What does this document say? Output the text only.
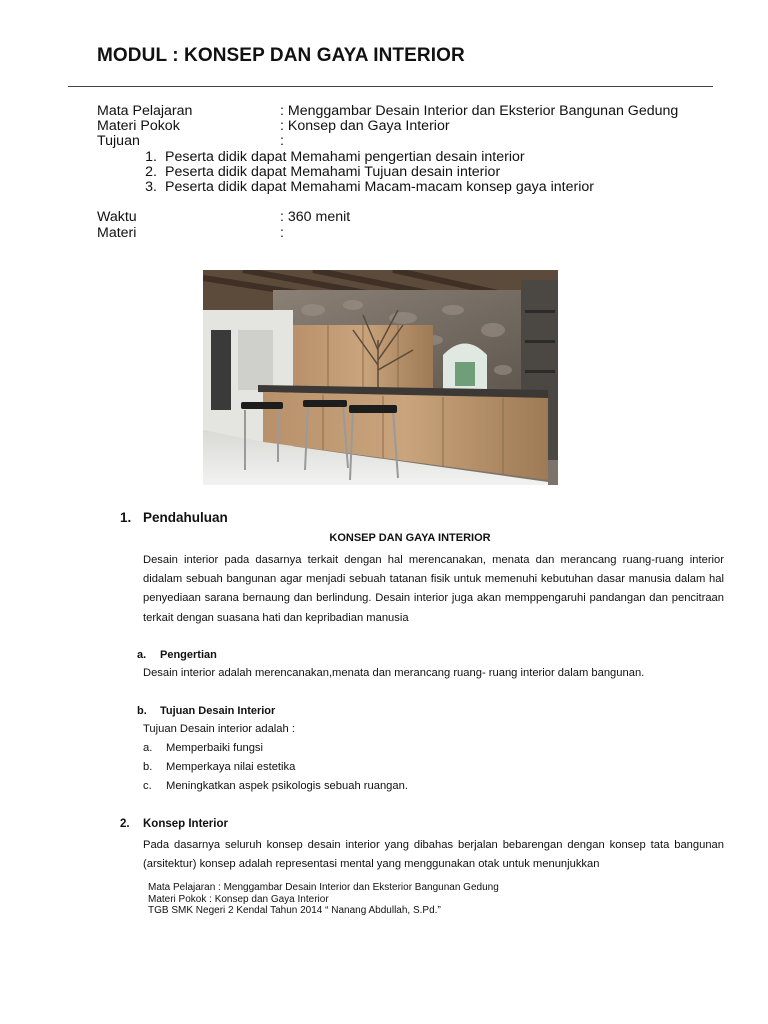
MODUL : KONSEP DAN GAYA INTERIOR
Mata Pelajaran	: Menggambar Desain Interior dan Eksterior Bangunan Gedung
Materi Pokok	: Konsep dan Gaya Interior
Tujuan	:
1. Peserta didik dapat Memahami pengertian desain interior
2. Peserta didik dapat Memahami Tujuan desain interior
3. Peserta didik dapat Memahami Macam-macam konsep gaya interior
Waktu	: 360 menit
Materi	:
1. Pendahuluan
KONSEP DAN GAYA INTERIOR

Desain interior pada dasarnya terkait dengan hal merencanakan, menata dan merancang ruang-ruang interior didalam sebuah bangunan agar menjadi sebuah tatanan fisik untuk memenuhi kebutuhan dasar manusia dalam hal penyediaan sarana bernaung dan berlindung. Desain interior juga akan memppengaruhi pandangan dan pencitraan terkait dengan suasana hati dan kepribadian manusia

a. Pengertian
Desain interior adalah merencanakan,menata dan merancang ruang- ruang interior dalam bangunan.
b. Tujuan Desain Interior
Tujuan Desain interior adalah :
a.	Memperbaiki fungsi
b.	Memperkaya nilai estetika
c.	Meningkatkan aspek psikologis sebuah ruangan.
2. Konsep Interior

Pada dasarnya seluruh konsep desain interior yang dibahas berjalan bebarengan dengan konsep tata bangunan (arsitektur) konsep adalah representasi mental yang menggunakan otak untuk menunjukkan

Mata Pelajaran : Menggambar Desain Interior dan Eksterior Bangunan Gedung
Materi Pokok : Konsep dan Gaya Interior
TGB SMK Negeri 2 Kendal Tahun 2014 “ Nanang Abdullah, S.Pd.”
